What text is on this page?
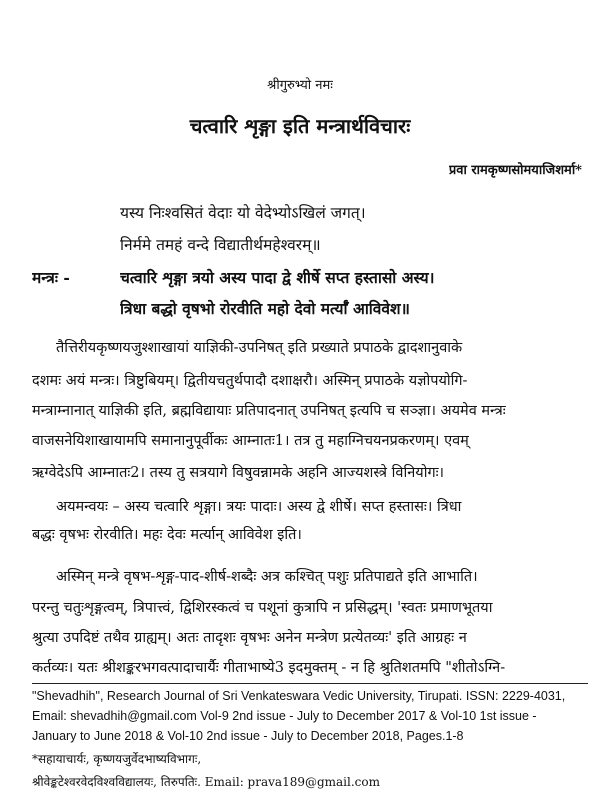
श्रीगुरुभ्यो नमः
चत्वारि शृङ्गा इति मन्त्रार्थविचारः
प्रवा रामकृष्णसोमयाजिशर्मा*
यस्य निःश्वसितं वेदाः यो वेदेभ्योऽखिलं जगत्।
निर्ममे तमहं वन्दे विद्यातीर्थमहेश्वरम्॥
मन्त्रः -	चत्वारि शृङ्गा त्रयो अस्य पादा द्वे शीर्षे सप्त हस्तासो अस्य।
त्रिधा बद्धो वृषभो रोरवीति महो देवो मर्त्याँ आविवेश॥
तैत्तिरीयकृष्णयजुश्शाखायां याज्ञिकी-उपनिषत् इति प्रख्याते प्रपाठके द्वादशानुवाके
दशमः अयं मन्त्रः। त्रिष्टुबियम्। द्वितीयचतुर्थपादौ दशाक्षरौ। अस्मिन् प्रपाठके यज्ञोपयोगि-
मन्त्राम्नानात् याज्ञिकी इति, ब्रह्मविद्यायाः प्रतिपादनात् उपनिषत् इत्यपि च सञ्ज्ञा। अयमेव मन्त्रः
वाजसनेयिशाखायामपि समानानुपूर्वीकः आम्नातः1। तत्र तु महाग्निचयनप्रकरणम्। एवम्
ऋग्वेदेऽपि आम्नातः2। तस्य तु सत्रयागे विषुवन्नामके अहनि आज्यशस्त्रे विनियोगः।
अयमन्वयः – अस्य चत्वारि शृङ्गा। त्रयः पादाः। अस्य द्वे शीर्षे। सप्त हस्तासः। त्रिधा
बद्धः वृषभः रोरवीति। महः देवः मर्त्यान् आविवेश इति।
अस्मिन् मन्त्रे वृषभ-शृङ्ग-पाद-शीर्ष-शब्दैः अत्र कश्चित् पशुः प्रतिपाद्यते इति आभाति।
परन्तु चतुःशृङ्गत्वम्, त्रिपात्त्वं, द्विशिरस्कत्वं च पशूनां कुत्रापि न प्रसिद्धम्। 'स्वतः प्रमाणभूतया
श्रुत्या उपदिष्टं तथैव ग्राह्यम्। अतः तादृशः वृषभः अनेन मन्त्रेण प्रत्येतव्यः' इति आग्रहः न
कर्तव्यः। यतः श्रीशङ्करभगवत्पादाचार्यैः गीताभाष्ये3 इदमुक्तम् - न हि श्रुतिशतमपि "शीतोऽग्नि-
"Shevadhih", Research Journal of Sri Venkateswara Vedic University, Tirupati. ISSN: 2229-4031,
Email: shevadhih@gmail.com Vol-9 2nd issue - July to December 2017 & Vol-10 1st issue -
January to June 2018 & Vol-10 2nd issue - July to December 2018, Pages.1-8
*सहायाचार्यः, कृष्णयजुर्वेदभाष्यविभागः,
श्रीवेङ्कटेश्वरवेदविश्वविद्यालयः, तिरुपतिः. Email: prava189@gmail.com
